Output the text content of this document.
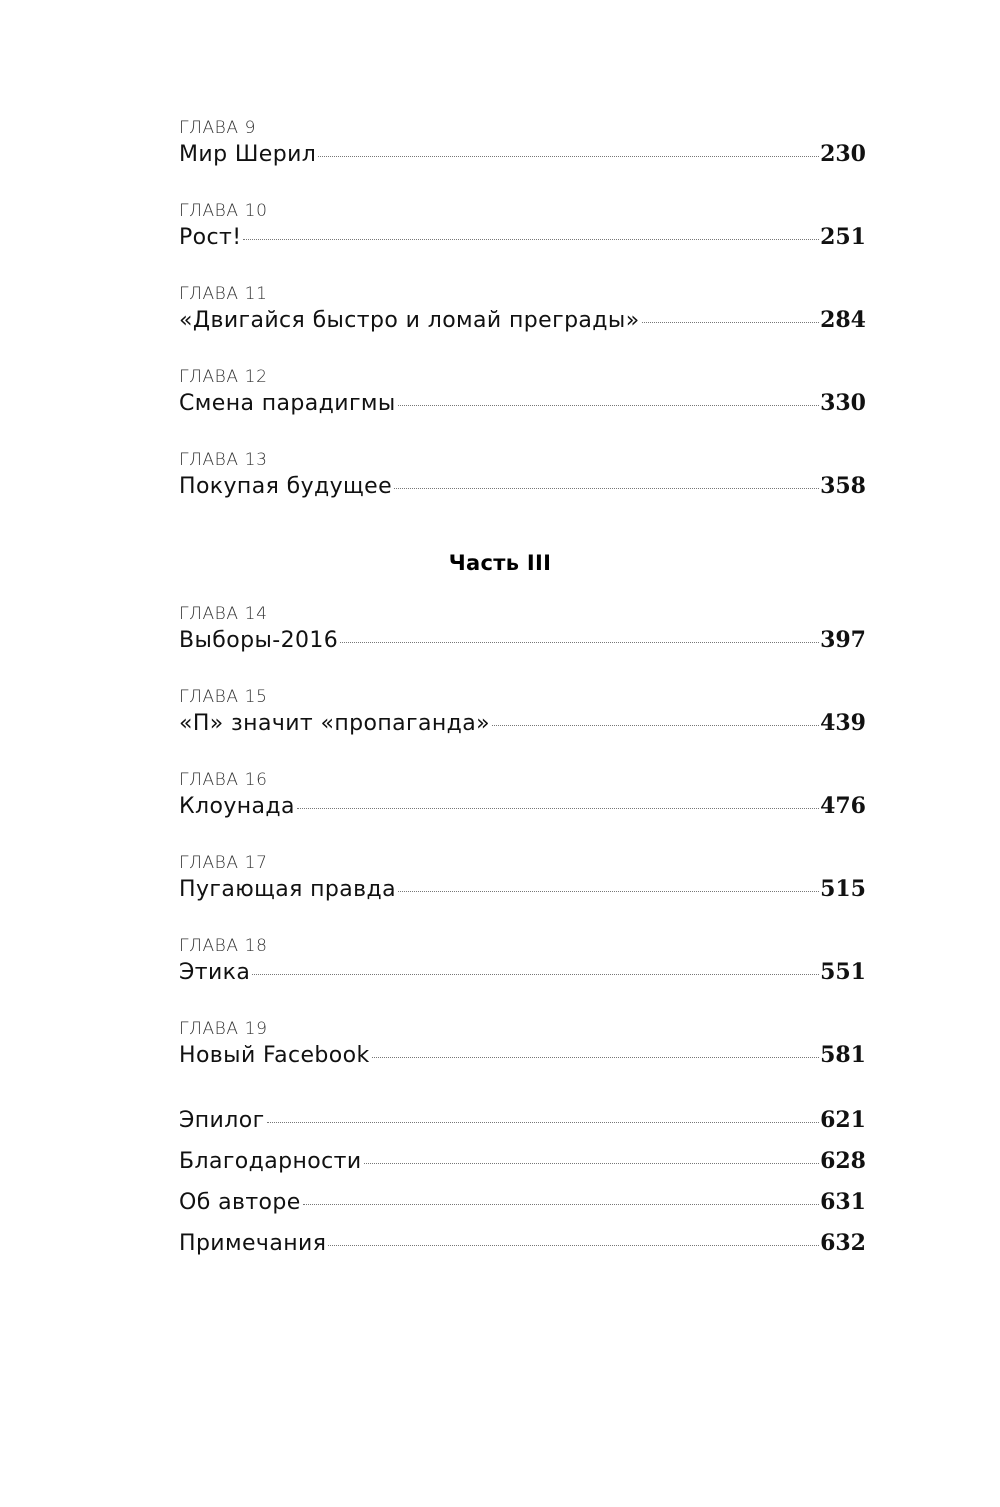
ГЛАВА 9
Мир Шерил	230
ГЛАВА 10
Рост!	251
ГЛАВА 11
«Двигайся быстро и ломай преграды»	284
ГЛАВА 12
Смена парадигмы	330
ГЛАВА 13
Покупая будущее	358
Часть III
ГЛАВА 14
Выборы-2016	397
ГЛАВА 15
«П» значит «пропаганда»	439
ГЛАВА 16
Клоунада	476
ГЛАВА 17
Пугающая правда	515
ГЛАВА 18
Этика	551
ГЛАВА 19
Новый Facebook	581
Эпилог	621
Благодарности	628
Об авторе	631
Примечания	632
